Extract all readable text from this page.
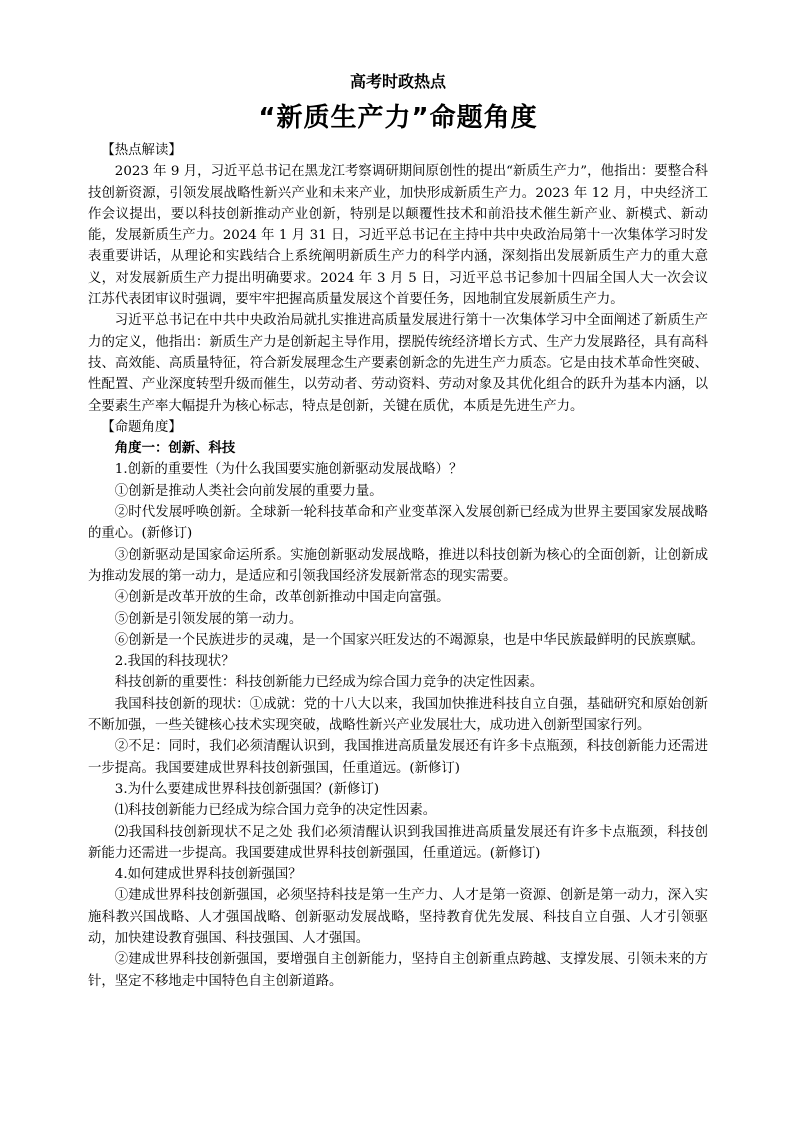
高考时政热点
“新质生产力”命题角度
【热点解读】

2023 年 9 月，习近平总书记在黑龙江考察调研期间原创性的提出“新质生产力”，他指出：要整合科技创新资源，引领发展战略性新兴产业和未来产业，加快形成新质生产力。2023 年 12 月，中央经济工作会议提出，要以科技创新推动产业创新，特别是以颠覆性技术和前沿技术催生新产业、新模式、新动能，发展新质生产力。2024 年 1 月 31 日，习近平总书记在主持中共中央政治局第十一次集体学习时发表重要讲话，从理论和实践结合上系统阐明新质生产力的科学内涵，深刻指出发展新质生产力的重大意义，对发展新质生产力提出明确要求。2024 年 3 月 5 日，习近平总书记参加十四届全国人大一次会议江苏代表团审议时强调，要牢牢把握高质量发展这个首要任务，因地制宜发展新质生产力。

习近平总书记在中共中央政治局就扎实推进高质量发展进行第十一次集体学习中全面阐述了新质生产力的定义，他指出：新质生产力是创新起主导作用，摆脱传统经济增长方式、生产力发展路径，具有高科技、高效能、高质量特征，符合新发展理念生产要素创新念的先进生产力质态。它是由技术革命性突破、性配置、产业深度转型升级而催生，以劳动者、劳动资料、劳动对象及其优化组合的跃升为基本内涵，以全要素生产率大幅提升为核心标志，特点是创新，关键在质优，本质是先进生产力。

【命题角度】

角度一：创新、科技

1.创新的重要性（为什么我国要实施创新驱动发展战略）？

①创新是推动人类社会向前发展的重要力量。

②时代发展呼唤创新。全球新一轮科技革命和产业变革深入发展创新已经成为世界主要国家发展战略的重心。(新修订)

③创新驱动是国家命运所系。实施创新驱动发展战略，推进以科技创新为核心的全面创新，让创新成为推动发展的第一动力，是适应和引领我国经济发展新常态的现实需要。

④创新是改革开放的生命，改革创新推动中国走向富强。

⑤创新是引领发展的第一动力。

⑥创新是一个民族进步的灵魂，是一个国家兴旺发达的不竭源泉，也是中华民族最鲜明的民族禀赋。

2.我国的科技现状？

科技创新的重要性：科技创新能力已经成为综合国力竞争的决定性因素。

我国科技创新的现状：①成就：党的十八大以来，我国加快推进科技自立自强，基础研究和原始创新不断加强，一些关键核心技术实现突破，战略性新兴产业发展壮大，成功进入创新型国家行列。

②不足：同时，我们必须清醒认识到，我国推进高质量发展还有许多卡点瓶颈，科技创新能力还需进一步提高。我国要建成世界科技创新强国，任重道远。(新修订)

3.为什么要建成世界科技创新强国？(新修订)

⑴科技创新能力已经成为综合国力竞争的决定性因素。

⑵我国科技创新现状不足之处 我们必须清醒认识到我国推进高质量发展还有许多卡点瓶颈，科技创新能力还需进一步提高。我国要建成世界科技创新强国，任重道远。(新修订)

4.如何建成世界科技创新强国？

①建成世界科技创新强国，必须坚持科技是第一生产力、人才是第一资源、创新是第一动力，深入实施科教兴国战略、人才强国战略、创新驱动发展战略，坚持教育优先发展、科技自立自强、人才引领驱动，加快建设教育强国、科技强国、人才强国。

②建成世界科技创新强国，要增强自主创新能力，坚持自主创新重点跨越、支撑发展、引领未来的方针，坚定不移地走中国特色自主创新道路。
